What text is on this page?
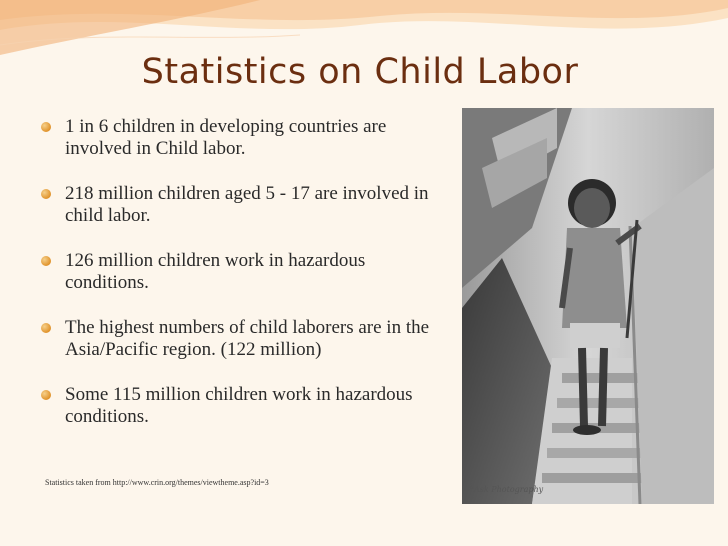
Statistics on Child Labor
1 in 6 children in developing countries are involved in Child labor.
218 million children aged 5 - 17 are involved in child labor.
126 million children work in hazardous conditions.
The highest numbers of child laborers are in the Asia/Pacific region. (122 million)
Some 115 million children work in hazardous conditions.
Statistics taken from http://www.crin.org/themes/viewtheme.asp?id=3
*Ask Photography
